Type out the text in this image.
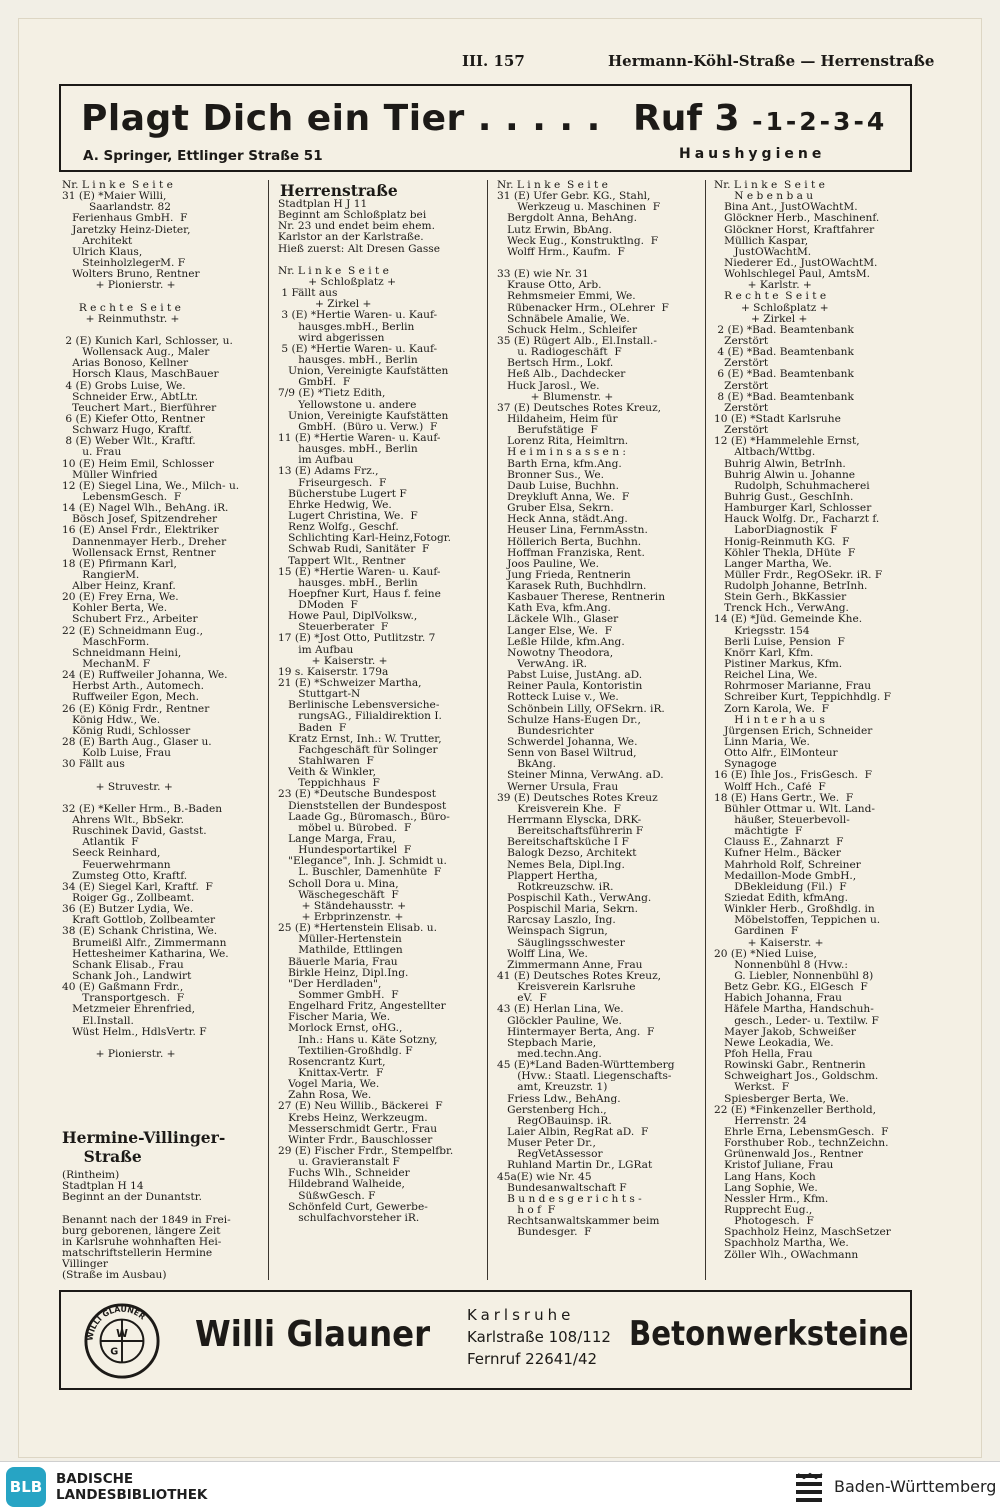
III. 157	Hermann-Köhl-Straße — Herrenstraße
Plagt Dich ein Tier . . . . . Ruf 3 -1-2-3-4
A. Springer, Ettlinger Straße 51	Haushygiene
Nr. L i n k e  S e i t e
31 (E) *Maier Willi,
Saarlandstr. 82
Ferienhaus GmbH.  F
Jaretzky Heinz-Dieter,
Architekt
Ulrich Klaus,
SteinholzlegerM. F
Wolters Bruno, Rentner
+ Pionierstr. +
R e c h t e  S e i t e
+ Reinmuthstr. +
2 (E) Kunich Karl, Schlosser, u.
Wollensack Aug., Maler
Arias Bonoso, Kellner
Horsch Klaus, MaschBauer
4 (E) Grobs Luise, We.
Schneider Erw., AbtLtr.
Teuchert Mart., Bierführer
6 (E) Kiefer Otto, Rentner
Schwarz Hugo, Kraftf.
8 (E) Weber Wlt., Kraftf.
u. Frau
10 (E) Heim Emil, Schlosser
Müller Winfried
12 (E) Siegel Lina, We., Milch- u.
LebensmGesch.  F
14 (E) Nagel Wlh., BehAng. iR.
Bösch Josef, Spitzendreher
16 (E) Ansel Frdr., Elektriker
Dannenmayer Herb., Dreher
Wollensack Ernst, Rentner
18 (E) Pfirmann Karl,
RangierM.
Alber Heinz, Kranf.
20 (E) Frey Erna, We.
Kohler Berta, We.
Schubert Frz., Arbeiter
22 (E) Schneidmann Eug.,
MaschForm.
Schneidmann Heini,
MechanM. F
24 (E) Ruffweiler Johanna, We.
Herbst Arth., Automech.
Ruffweiler Egon, Mech.
26 (E) König Frdr., Rentner
König Hdw., We.
König Rudi, Schlosser
28 (E) Barth Aug., Glaser u.
Kolb Luise, Frau
30 Fällt aus
+ Struvestr. +
32 (E) *Keller Hrm., B.-Baden
Ahrens Wlt., BbSekr.
Ruschinek David, Gastst.
Atlantik  F
Seeck Reinhard,
Feuerwehrmann
Zumsteg Otto, Kraftf.
34 (E) Siegel Karl, Kraftf.  F
Roiger Gg., Zollbeamt.
36 (E) Butzer Lydia, We.
Kraft Gottlob, Zollbeamter
38 (E) Schank Christina, We.
Brumeißl Alfr., Zimmermann
Hettesheimer Katharina, We.
Schank Elisab., Frau
Schank Joh., Landwirt
40 (E) Gaßmann Frdr.,
Transportgesch.  F
Metzmeier Ehrenfried,
El.Install.
Wüst Helm., HdlsVertr. F
+ Pionierstr. +
Hermine-Villinger-
Straße
(Rintheim)
Stadtplan H 14
Beginnt an der Dunantstr.
Benannt nach der 1849 in Frei-
burg geborenen, längere Zeit
in Karlsruhe wohnhaften Hei-
matschriftstellerin Hermine
Villinger
(Straße im Ausbau)
Herrenstraße
Stadtplan H J 11
Beginnt am Schloßplatz bei
Nr. 23 und endet beim ehem.
Karlstor an der Karlstraße.
Hieß zuerst: Alt Dresen Gasse
Nr. L i n k e  S e i t e
+ Schloßplatz +
1 Fällt aus
+ Zirkel +
3 (E) *Hertie Waren- u. Kauf-
hausges.mbH., Berlin
wird abgerissen
5 (E) *Hertie Waren- u. Kauf-
hausges. mbH., Berlin
Union, Vereinigte Kaufstätten
GmbH.  F
7/9 (E) *Tietz Edith,
Yellowstone u. andere
Union, Vereinigte Kaufstätten
GmbH.  (Büro u. Verw.)  F
11 (E) *Hertie Waren- u. Kauf-
hausges. mbH., Berlin
im Aufbau
13 (E) Adams Frz.,
Friseurgesch.  F
Bücherstube Lugert F
Ehrke Hedwig, We.
Lugert Christina, We.  F
Renz Wolfg., Geschf.
Schlichting Karl-Heinz,Fotogr.
Schwab Rudi, Sanitäter  F
Tappert Wlt., Rentner
15 (E) *Hertie Waren- u. Kauf-
hausges. mbH., Berlin
Hoepfner Kurt, Haus f. feine
DModen  F
Howe Paul, DiplVolksw.,
Steuerberater  F
17 (E) *Jost Otto, Putlitzstr. 7
im Aufbau
+ Kaiserstr. +
19 s. Kaiserstr. 179a
21 (E) *Schweizer Martha,
Stuttgart-N
Berlinische Lebensversiche-
rungsAG., Filialdirektion I.
Baden  F
Kratz Ernst, Inh.: W. Trutter,
Fachgeschäft für Solinger
Stahlwaren  F
Veith & Winkler,
Teppichhaus  F
23 (E) *Deutsche Bundespost
Dienststellen der Bundespost
Laade Gg., Büromasch., Büro-
möbel u. Bürobed.  F
Lange Marga, Frau,
Hundesportartikel  F
"Elegance", Inh. J. Schmidt u.
L. Buschler, Damenhüte  F
Scholl Dora u. Mina,
Wäschegeschäft  F
+ Ständehausstr. +
+ Erbprinzenstr. +
25 (E) *Hertenstein Elisab. u.
Müller-Hertenstein
Mathilde, Ettlingen
Bäuerle Maria, Frau
Birkle Heinz, Dipl.Ing.
"Der Herdladen",
Sommer GmbH.  F
Engelhard Fritz, Angestellter
Fischer Maria, We.
Morlock Ernst, oHG.,
Inh.: Hans u. Käte Sotzny,
Textilien-Großhdlg. F
Rosencrantz Kurt,
Knittax-Vertr.  F
Vogel Maria, We.
Zahn Rosa, We.
27 (E) Neu Willib., Bäckerei  F
Krebs Heinz, Werkzeugm.
Messerschmidt Gertr., Frau
Winter Frdr., Bauschlosser
29 (E) Fischer Frdr., Stempelfbr.
u. Gravieranstalt F
Fuchs Wlh., Schneider
Hildebrand Walheide,
SüßwGesch. F
Schönfeld Curt, Gewerbe-
schulfachvorsteher iR.
Nr. L i n k e  S e i t e
31 (E) Ufer Gebr. KG., Stahl,
Werkzeug u. Maschinen  F
Bergdolt Anna, BehAng.
Lutz Erwin, BbAng.
Weck Eug., Konstruktlng.  F
Wolff Hrm., Kaufm.  F
33 (E) wie Nr. 31
Krause Otto, Arb.
Rehmsmeier Emmi, We.
Rübenacker Hrm., OLehrer  F
Schnäbele Amalie, We.
Schuck Helm., Schleifer
35 (E) Rügert Alb., El.Install.-
u. Radiogeschäft  F
Bertsch Hrm., Lokf.
Heß Alb., Dachdecker
Huck Jarosl., We.
+ Blumenstr. +
37 (E) Deutsches Rotes Kreuz,
Hildaheim, Heim für
Berufstätige  F
Lorenz Rita, Heimltrn.
H e i m i n s a s s e n :
Barth Erna, kfm.Ang.
Bronner Sus., We.
Daub Luise, Buchhn.
Dreykluft Anna, We.  F
Gruber Elsa, Sekrn.
Heck Anna, städt.Ang.
Heuser Lina, FernmAsstn.
Höllerich Berta, Buchhn.
Hoffman Franziska, Rent.
Joos Pauline, We.
Jung Frieda, Rentnerin
Karasek Ruth, Buchhdlrn.
Kasbauer Therese, Rentnerin
Kath Eva, kfm.Ang.
Läckele Wlh., Glaser
Langer Else, We.  F
Leßle Hilde, kfm.Ang.
Nowotny Theodora,
VerwAng. iR.
Pabst Luise, JustAng. aD.
Reiner Paula, Kontoristin
Rotteck Luise v., We.
Schönbein Lilly, OFSekrn. iR.
Schulze Hans-Eugen Dr.,
Bundesrichter
Schwerdel Johanna, We.
Senn von Basel Wiltrud,
BkAng.
Steiner Minna, VerwAng. aD.
Werner Ursula, Frau
39 (E) Deutsches Rotes Kreuz
Kreisverein Khe.  F
Herrmann Elyscka, DRK-
Bereitschaftsführerin F
Bereitschaftsküche I F
Balogk Dezso, Architekt
Nemes Bela, Dipl.Ing.
Plappert Hertha,
Rotkreuzschw. iR.
Pospischil Kath., VerwAng.
Pospischil Maria, Sekrn.
Rarcsay Laszlo, Ing.
Weinspach Sigrun,
Säuglingsschwester
Wolff Lina, We.
Zimmermann Anne, Frau
41 (E) Deutsches Rotes Kreuz,
Kreisverein Karlsruhe
eV.  F
43 (E) Herlan Lina, We.
Glöckler Pauline, We.
Hintermayer Berta, Ang.  F
Stepbach Marie,
med.techn.Ang.
45 (E)*Land Baden-Württemberg
(Hvw.: Staatl. Liegenschafts-
amt, Kreuzstr. 1)
Friess Ldw., BehAng.
Gerstenberg Hch.,
RegOBauinsp. iR.
Laier Albin, RegRat aD.  F
Muser Peter Dr.,
RegVetAssessor
Ruhland Martin Dr., LGRat
45a(E) wie Nr. 45
Bundesanwaltschaft F
B u n d e s g e r i c h t s -
h o f  F
Rechtsanwaltskammer beim
Bundesger.  F
Nr. L i n k e  S e i t e
N e b e n b a u
Bina Ant., JustOWachtM.
Glöckner Herb., Maschinenf.
Glöckner Horst, Kraftfahrer
Müllich Kaspar,
JustOWachtM.
Niederer Ed., JustOWachtM.
Wohlschlegel Paul, AmtsM.
+ Karlstr. +
R e c h t e  S e i t e
+ Schloßplatz +
+ Zirkel +
2 (E) *Bad. Beamtenbank
Zerstört
4 (E) *Bad. Beamtenbank
Zerstört
6 (E) *Bad. Beamtenbank
Zerstört
8 (E) *Bad. Beamtenbank
Zerstört
10 (E) *Stadt Karlsruhe
Zerstört
12 (E) *Hammelehle Ernst,
Altbach/Wttbg.
Buhrig Alwin, BetrInh.
Buhrig Alwin u. Johanne
Rudolph, Schuhmacherei
Buhrig Gust., GeschInh.
Hamburger Karl, Schlosser
Hauck Wolfg. Dr., Facharzt f.
LaborDiagnostik  F
Honig-Reinmuth KG.  F
Köhler Thekla, DHüte  F
Langer Martha, We.
Müller Frdr., RegOSekr. iR. F
Rudolph Johanne, BetrInh.
Stein Gerh., BkKassier
Trenck Hch., VerwAng.
14 (E) *Jüd. Gemeinde Khe.
Kriegsstr. 154
Berli Luise, Pension  F
Knörr Karl, Kfm.
Pistiner Markus, Kfm.
Reichel Lina, We.
Rohrmoser Marianne, Frau
Schreiber Kurt, Teppichhdlg. F
Zorn Karola, We.  F
H i n t e r h a u s
Jürgensen Erich, Schneider
Linn Maria, We.
Otto Alfr., ElMonteur
Synagoge
16 (E) Ihle Jos., FrisGesch.  F
Wolff Hch., Café  F
18 (E) Hans Gertr., We.  F
Bühler Ottmar u. Wlt. Land-
häußer, Steuerbevoll-
mächtigte  F
Clauss E., Zahnarzt  F
Kufner Helm., Bäcker
Mahrhold Rolf, Schreiner
Medaillon-Mode GmbH.,
DBekleidung (Fil.)  F
Sziedat Edith, kfmAng.
Winkler Herb., Großhdlg. in
Möbelstoffen, Teppichen u.
Gardinen  F
+ Kaiserstr. +
20 (E) *Nied Luise,
Nonnenbühl 8 (Hvw.:
G. Liebler, Nonnenbühl 8)
Betz Gebr. KG., ElGesch  F
Habich Johanna, Frau
Häfele Martha, Handschuh-
gesch., Leder- u. Textilw. F
Mayer Jakob, Schweißer
Newe Leokadia, We.
Pfoh Hella, Frau
Rowinski Gabr., Rentnerin
Schweighart Jos., Goldschm.
Werkst.  F
Spiesberger Berta, We.
22 (E) *Finkenzeller Berthold,
Herrenstr. 24
Ehrle Erna, LebensmGesch.  F
Forsthuber Rob., technZeichn.
Grünenwald Jos., Rentner
Kristof Juliane, Frau
Lang Hans, Koch
Lang Sophie, We.
Nessler Hrm., Kfm.
Rupprecht Eug.,
Photogesch.  F
Spachholz Heinz, MaschSetzer
Spachholz Martha, We.
Zöller Wlh., OWachmann
W
G
WILLI GLAUNER Willi Glauner Karlsruhe
Karlstraße 108/112
Fernruf 22641/42
Betonwerksteine
BLB BADISCHE
LANDESBIBLIOTHEK	Baden-Württemberg
